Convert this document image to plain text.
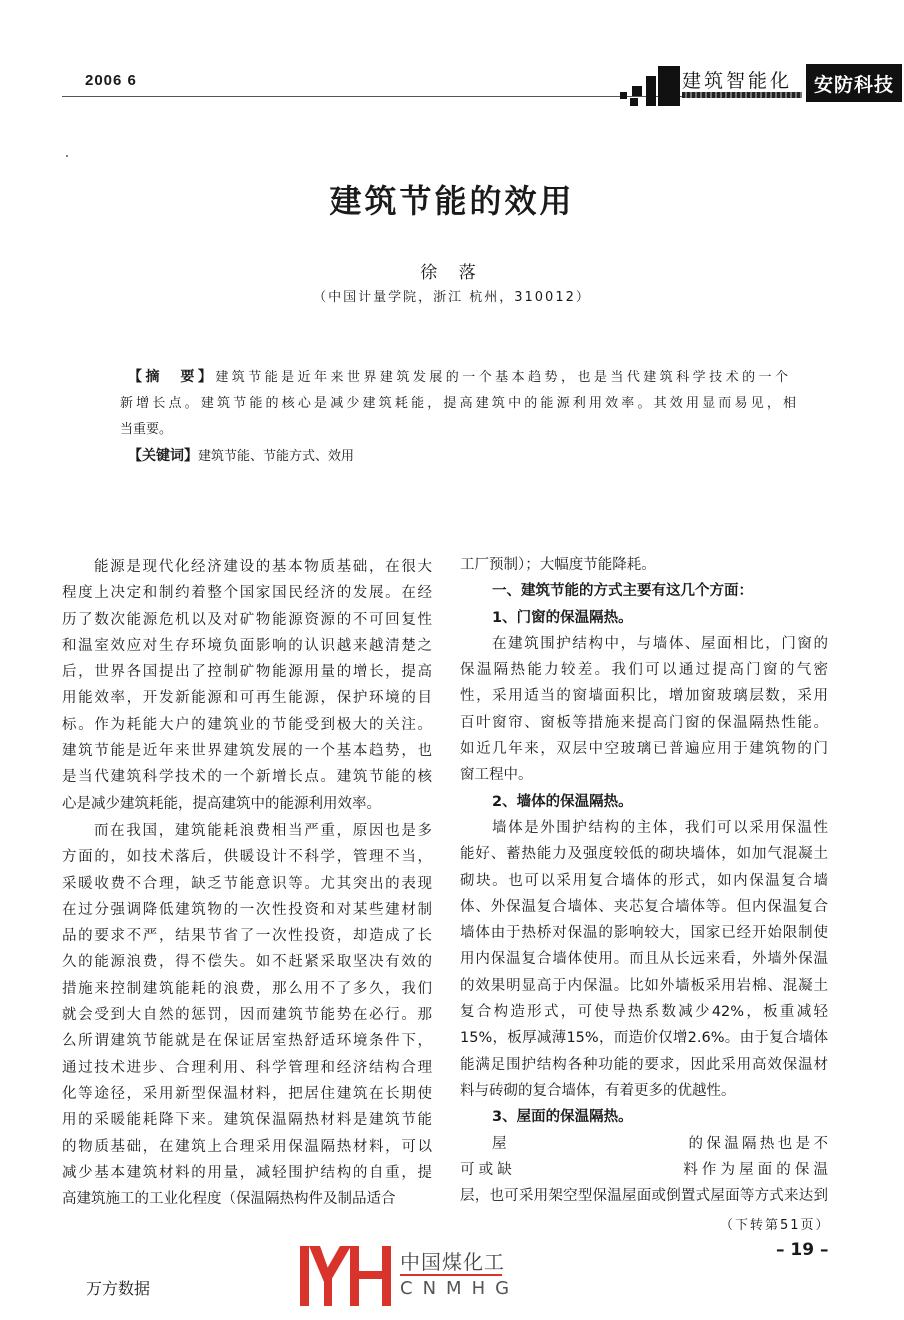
2006 6	建筑智能化	安防科技
建筑节能的效用
徐 落
（中国计量学院，浙江 杭州，310012）
【摘　要】建筑节能是近年来世界建筑发展的一个基本趋势，也是当代建筑科学技术的一个
新增长点。建筑节能的核心是减少建筑耗能，提高建筑中的能源利用效率。其效用显而易见，相
当重要。
【关键词】建筑节能、节能方式、效用
能源是现代化经济建设的基本物质基础，在很大
程度上决定和制约着整个国家国民经济的发展。在经
历了数次能源危机以及对矿物能源资源的不可回复性
和温室效应对生存环境负面影响的认识越来越清楚之
后，世界各国提出了控制矿物能源用量的增长，提高
用能效率，开发新能源和可再生能源，保护环境的目
标。作为耗能大户的建筑业的节能受到极大的关注。
建筑节能是近年来世界建筑发展的一个基本趋势，也
是当代建筑科学技术的一个新增长点。建筑节能的核
心是减少建筑耗能，提高建筑中的能源利用效率。
而在我国，建筑能耗浪费相当严重，原因也是多
方面的，如技术落后，供暖设计不科学，管理不当，
采暖收费不合理，缺乏节能意识等。尤其突出的表现
在过分强调降低建筑物的一次性投资和对某些建材制
品的要求不严，结果节省了一次性投资，却造成了长
久的能源浪费，得不偿失。如不赶紧采取坚决有效的
措施来控制建筑能耗的浪费，那么用不了多久，我们
就会受到大自然的惩罚，因而建筑节能势在必行。那
么所谓建筑节能就是在保证居室热舒适环境条件下，
通过技术进步、合理利用、科学管理和经济结构合理
化等途径，采用新型保温材料，把居住建筑在长期使
用的采暖能耗降下来。建筑保温隔热材料是建筑节能
的物质基础，在建筑上合理采用保温隔热材料，可以
减少基本建筑材料的用量，减轻围护结构的自重，提
高建筑施工的工业化程度（保温隔热构件及制品适合
工厂预制）；大幅度节能降耗。
一、建筑节能的方式主要有这几个方面：
1、门窗的保温隔热。
在建筑围护结构中，与墙体、屋面相比，门窗的
保温隔热能力较差。我们可以通过提高门窗的气密
性，采用适当的窗墙面积比，增加窗玻璃层数，采用
百叶窗帘、窗板等措施来提高门窗的保温隔热性能。
如近几年来，双层中空玻璃已普遍应用于建筑物的门
窗工程中。
2、墙体的保温隔热。
墙体是外围护结构的主体，我们可以采用保温性
能好、蓄热能力及强度较低的砌块墙体，如加气混凝土
砌块。也可以采用复合墙体的形式，如内保温复合墙
体、外保温复合墙体、夹芯复合墙体等。但内保温复合
墙体由于热桥对保温的影响较大，国家已经开始限制使
用内保温复合墙体使用。而且从长远来看，外墙外保温
的效果明显高于内保温。比如外墙板采用岩棉、混凝土
复合构造形式，可使导热系数减少42%，板重减轻
15%，板厚减薄15%，而造价仅增2.6%。由于复合墙体
能满足围护结构各种功能的要求，因此采用高效保温材
料与砖砌的复合墙体，有着更多的优越性。
3、屋面的保温隔热。
屋　　　　　　　　　　的保温隔热也是不
可或缺　　　　　　　　　料作为屋面的保温
层，也可采用架空型保温屋面或倒置式屋面等方式来达到
（下转第51页）
– 19 –
万方数据
中国煤化工
CNMHG
